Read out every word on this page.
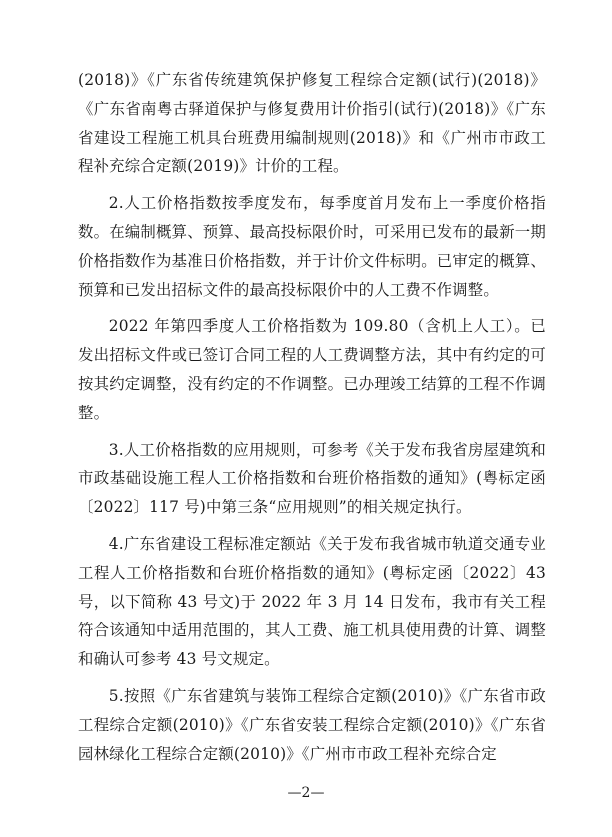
(2018)》《广东省传统建筑保护修复工程综合定额(试行)(2018)》《广东省南粤古驿道保护与修复费用计价指引(试行)(2018)》《广东省建设工程施工机具台班费用编制规则(2018)》和《广州市市政工程补充综合定额(2019)》计价的工程。

2.人工价格指数按季度发布，每季度首月发布上一季度价格指数。在编制概算、预算、最高投标限价时，可采用已发布的最新一期价格指数作为基准日价格指数，并于计价文件标明。已审定的概算、预算和已发出招标文件的最高投标限价中的人工费不作调整。

2022 年第四季度人工价格指数为 109.80（含机上人工）。已发出招标文件或已签订合同工程的人工费调整方法，其中有约定的可按其约定调整，没有约定的不作调整。已办理竣工结算的工程不作调整。

3.人工价格指数的应用规则，可参考《关于发布我省房屋建筑和市政基础设施工程人工价格指数和台班价格指数的通知》(粤标定函〔2022〕117 号)中第三条“应用规则”的相关规定执行。

4.广东省建设工程标准定额站《关于发布我省城市轨道交通专业工程人工价格指数和台班价格指数的通知》(粤标定函〔2022〕43 号，以下简称 43 号文)于 2022 年 3 月 14 日发布，我市有关工程符合该通知中适用范围的，其人工费、施工机具使用费的计算、调整和确认可参考 43 号文规定。

5.按照《广东省建筑与装饰工程综合定额(2010)》《广东省市政工程综合定额(2010)》《广东省安装工程综合定额(2010)》《广东省园林绿化工程综合定额(2010)》《广州市市政工程补充综合定

—2—
